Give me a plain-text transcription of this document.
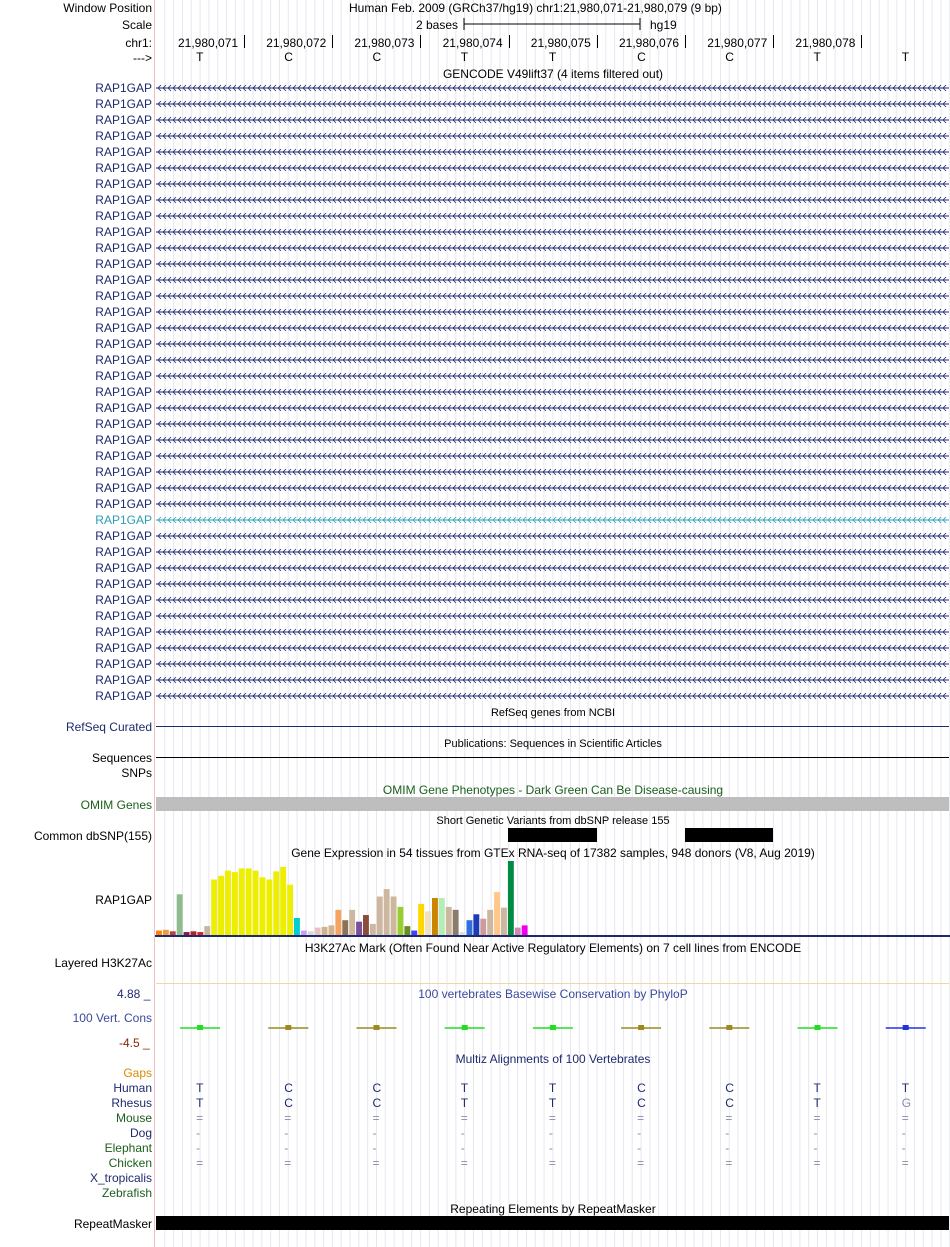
Window Position	Human Feb. 2009 (GRCh37/hg19) chr1:21,980,071-21,980,079 (9 bp)
Scale	2 bases	hg19
chr1: 21,980,071 21,980,072 21,980,073 21,980,074 21,980,075 21,980,076 21,980,077 21,980,078
--->	T	C	C	T	T	C	C	T	T
GENCODE V49lift37 (4 items filtered out)
RAP1GAP
RAP1GAP
RAP1GAP
RAP1GAP
RAP1GAP
RAP1GAP
RAP1GAP
RAP1GAP
RAP1GAP
RAP1GAP
RAP1GAP
RAP1GAP
RAP1GAP
RAP1GAP
RAP1GAP
RAP1GAP
RAP1GAP
RAP1GAP
RAP1GAP
RAP1GAP
RAP1GAP
RAP1GAP
RAP1GAP
RAP1GAP
RAP1GAP
RAP1GAP
RAP1GAP
RAP1GAP
RAP1GAP
RAP1GAP
RAP1GAP
RAP1GAP
RAP1GAP
RAP1GAP
RAP1GAP
RAP1GAP
RAP1GAP
RAP1GAP
RAP1GAP
RefSeq genes from NCBI
RefSeq Curated
Publications: Sequences in Scientific Articles
Sequences
SNPs
OMIM Gene Phenotypes - Dark Green Can Be Disease-causing
OMIM Genes
Short Genetic Variants from dbSNP release 155
Common dbSNP(155)
Gene Expression in 54 tissues from GTEx RNA-seq of 17382 samples, 948 donors (V8, Aug 2019)
RAP1GAP
H3K27Ac Mark (Often Found Near Active Regulatory Elements) on 7 cell lines from ENCODE
Layered H3K27Ac
4.88 _	100 vertebrates Basewise Conservation by PhyloP
100 Vert. Cons
-4.5 _
Multiz Alignments of 100 Vertebrates
Gaps
Human	T	C	C	T	T	C	C	T	T
Rhesus	T	C	C	T	T	C	C	T	G
Mouse	=	=	=	=	=	=	=	=	=
Dog	-	-	-	-	-	-	-	-	-
Elephant	-	-	-	-	-	-	-	-	-
Chicken	=	=	=	=	=	=	=	=	=
X_tropicalis
Zebrafish
Repeating Elements by RepeatMasker
RepeatMasker
